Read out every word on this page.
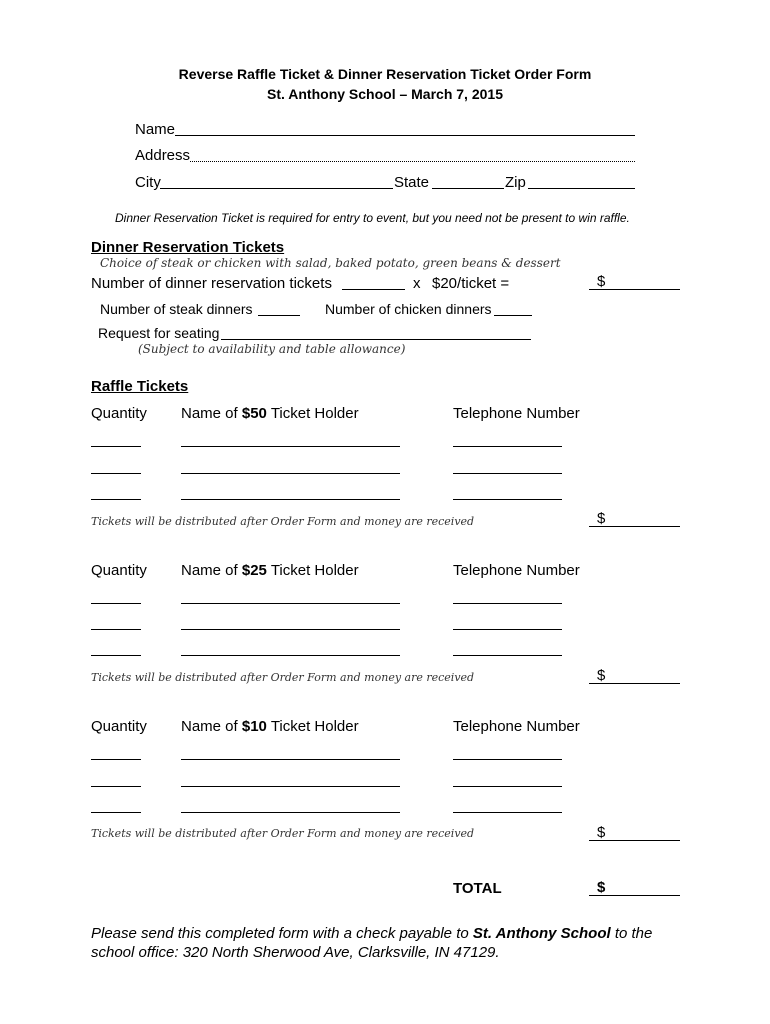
Reverse Raffle Ticket & Dinner Reservation Ticket Order Form
St. Anthony School – March 7, 2015
Name
Address
City	State	Zip
Dinner Reservation Ticket is required for entry to event, but you need not be present to win raffle.
Dinner Reservation Tickets
Choice of steak or chicken with salad, baked potato, green beans & dessert
Number of dinner reservation tickets	x $20/ticket =	$
Number of steak dinners	Number of chicken dinners
Request for seating
(Subject to availability and table allowance)
Raffle Tickets
Quantity Name of $50 Ticket Holder	Telephone Number
Tickets will be distributed after Order Form and money are received	$
Quantity Name of $25 Ticket Holder	Telephone Number
Tickets will be distributed after Order Form and money are received	$
Quantity Name of $10 Ticket Holder	Telephone Number
Tickets will be distributed after Order Form and money are received	$
TOTAL	$
Please send this completed form with a check payable to St. Anthony School to the school office: 320 North Sherwood Ave, Clarksville, IN 47129.
